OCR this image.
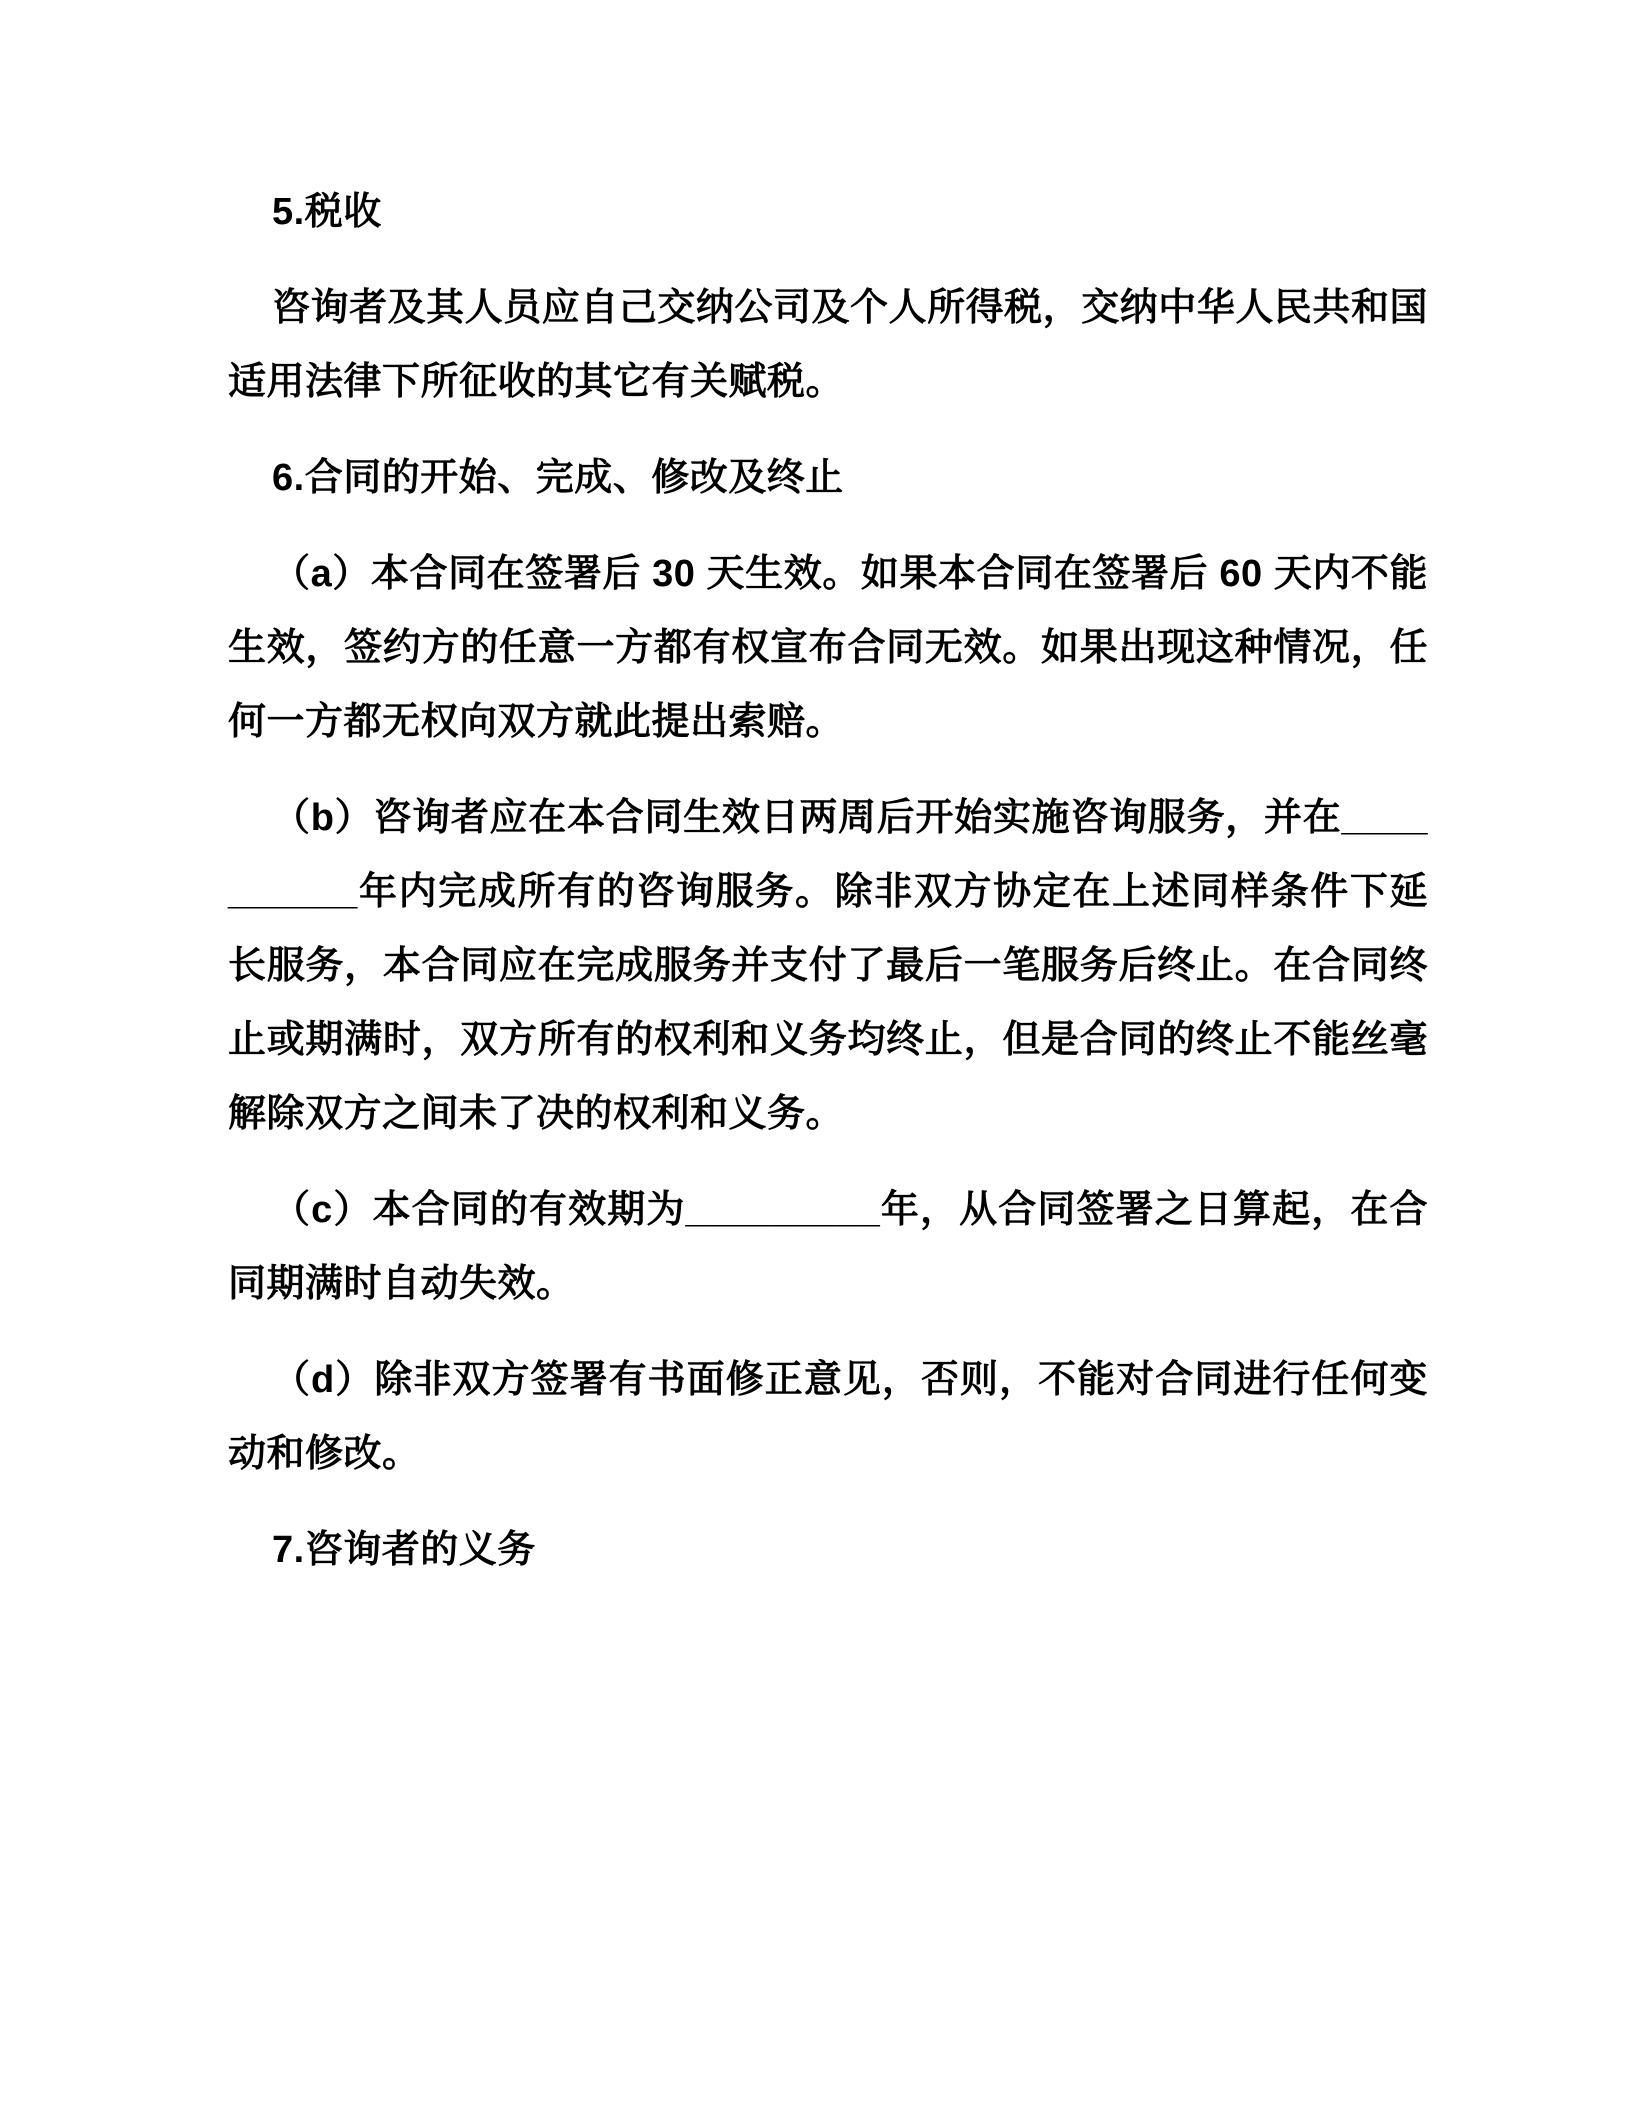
5.税收

咨询者及其人员应自己交纳公司及个人所得税，交纳中华人民共和国适用法律下所征收的其它有关赋税。

6.合同的开始、完成、修改及终止

（a）本合同在签署后 30 天生效。如果本合同在签署后 60 天内不能生效，签约方的任意一方都有权宣布合同无效。如果出现这种情况，任何一方都无权向双方就此提出索赔。

（b）咨询者应在本合同生效日两周后开始实施咨询服务，并在__________年内完成所有的咨询服务。除非双方协定在上述同样条件下延长服务，本合同应在完成服务并支付了最后一笔服务后终止。在合同终止或期满时，双方所有的权利和义务均终止，但是合同的终止不能丝毫解除双方之间未了决的权利和义务。

（c）本合同的有效期为_________年，从合同签署之日算起，在合同期满时自动失效。

（d）除非双方签署有书面修正意见，否则，不能对合同进行任何变动和修改。

7.咨询者的义务
